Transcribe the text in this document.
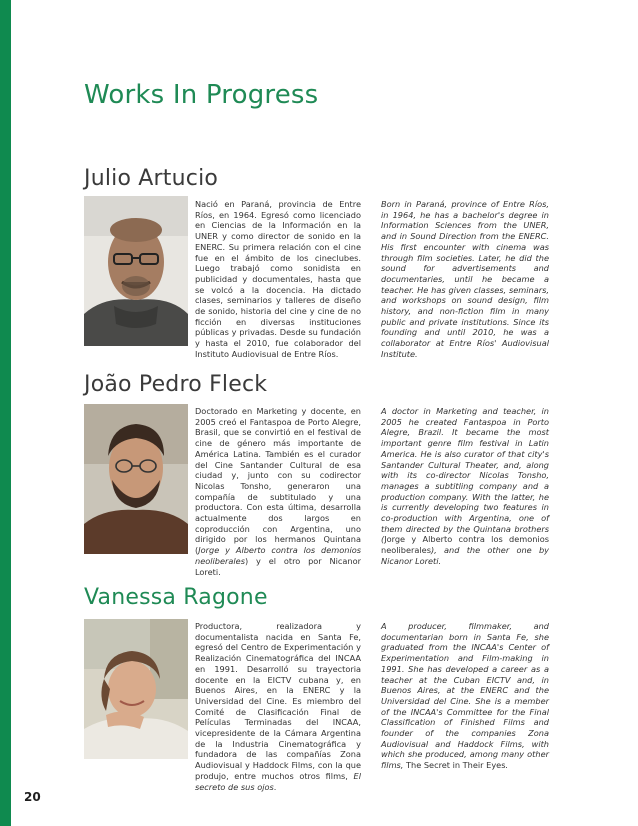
Works In Progress
Julio Artucio
Nació en Paraná, provincia de Entre Ríos, en 1964. Egresó como licenciado en Ciencias de la Información en la UNER y como director de sonido en la ENERC. Su primera relación con el cine fue en el ámbito de los cineclubes. Luego trabajó como sonidista en publicidad y documentales, hasta que se volcó a la docencia. Ha dictado clases, seminarios y talleres de diseño de sonido, historia del cine y cine de no ficción en diversas instituciones públicas y privadas. Desde su fundación y hasta el 2010, fue colaborador del Instituto Audiovisual de Entre Ríos.
Born in Paraná, province of Entre Ríos, in 1964, he has a bachelor's degree in Information Sciences from the UNER, and in Sound Direction from the ENERC. His first encounter with cinema was through film societies. Later, he did the sound for advertisements and documentaries, until he became a teacher. He has given classes, seminars, and workshops on sound design, film history, and non-fiction film in many public and private institutions. Since its founding and until 2010, he was a collaborator at Entre Ríos' Audiovisual Institute.
João Pedro Fleck
Doctorado en Marketing y docente, en 2005 creó el Fantaspoa de Porto Alegre, Brasil, que se convirtió en el festival de cine de género más importante de América Latina. También es el curador del Cine Santander Cultural de esa ciudad y, junto con su codirector Nicolas Tonsho, generaron una compañía de subtitulado y una productora. Con esta última, desarrolla actualmente dos largos en coproducción con Argentina, uno dirigido por los hermanos Quintana (Jorge y Alberto contra los demonios neoliberales) y el otro por Nicanor Loreti.
A doctor in Marketing and teacher, in 2005 he created Fantaspoa in Porto Alegre, Brazil. It became the most important genre film festival in Latin America. He is also curator of that city's Santander Cultural Theater, and, along with its co-director Nicolas Tonsho, manages a subtitling company and a production company. With the latter, he is currently developing two features in co-production with Argentina, one of them directed by the Quintana brothers (Jorge y Alberto contra los demonios neoliberales), and the other one by Nicanor Loreti.
Vanessa Ragone
Productora, realizadora y documentalista nacida en Santa Fe, egresó del Centro de Experimentación y Realización Cinematográfica del INCAA en 1991. Desarrolló su trayectoria docente en la EICTV cubana y, en Buenos Aires, en la ENERC y la Universidad del Cine. Es miembro del Comité de Clasificación Final de Películas Terminadas del INCAA, vicepresidente de la Cámara Argentina de la Industria Cinematográfica y fundadora de las compañías Zona Audiovisual y Haddock Films, con la que produjo, entre muchos otros films, El secreto de sus ojos.
A producer, filmmaker, and documentarian born in Santa Fe, she graduated from the INCAA's Center of Experimentation and Film-making in 1991. She has developed a career as a teacher at the Cuban EICTV and, in Buenos Aires, at the ENERC and the Universidad del Cine. She is a member of the INCAA's Committee for the Final Classification of Finished Films and founder of the companies Zona Audiovisual and Haddock Films, with which she produced, among many other films, The Secret in Their Eyes.
20
